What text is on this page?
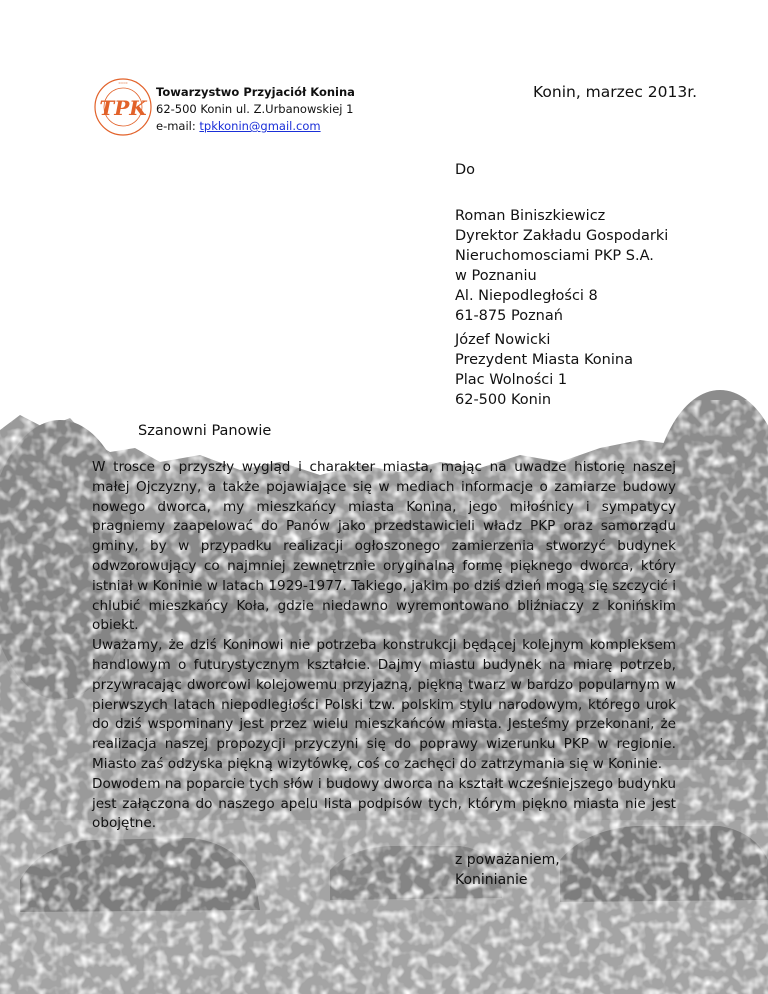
·····
TPK
Towarzystwo Przyjaciół Konina
62-500 Konin ul. Z.Urbanowskiej 1
e-mail: tpkkonin@gmail.com
Konin, marzec 2013r.
Do
Roman Biniszkiewicz
Dyrektor Zakładu Gospodarki
Nieruchomosciami PKP S.A.
w Poznaniu
Al. Niepodległości 8
61-875 Poznań
Józef Nowicki
Prezydent Miasta Konina
Plac Wolności 1
62-500 Konin
Szanowni Panowie

W trosce o przyszły wygląd i charakter miasta, mając na uwadze historię naszej małej Ojczyzny, a także pojawiające się w mediach informacje o zamiarze budowy nowego dworca, my mieszkańcy miasta Konina, jego miłośnicy i sympatycy pragniemy zaapelować do Panów jako przedstawicieli władz PKP oraz samorządu gminy, by w przypadku realizacji ogłoszonego zamierzenia stworzyć budynek odwzorowujący co najmniej zewnętrznie oryginalną formę pięknego dworca, który istniał w Koninie w latach 1929-1977. Takiego, jakim po dziś dzień mogą się szczycić i chlubić mieszkańcy Koła, gdzie niedawno wyremontowano bliźniaczy z konińskim obiekt.

Uważamy, że dziś Koninowi nie potrzeba konstrukcji będącej kolejnym kompleksem handlowym o futurystycznym kształcie. Dajmy miastu budynek na miarę potrzeb, przywracając dworcowi kolejowemu przyjazną, piękną twarz w bardzo popularnym w pierwszych latach niepodległości Polski tzw. polskim stylu narodowym, którego urok do dziś wspominany jest przez wielu mieszkańców miasta. Jesteśmy przekonani, że realizacja naszej propozycji przyczyni się do poprawy wizerunku PKP w regionie. Miasto zaś odzyska piękną wizytówkę, coś co zachęci do zatrzymania się w Koninie.

Dowodem na poparcie tych słów i budowy dworca na kształt wcześniejszego budynku jest załączona do naszego apelu lista podpisów tych, którym piękno miasta nie jest obojętne.

z poważaniem,
Koninianie
